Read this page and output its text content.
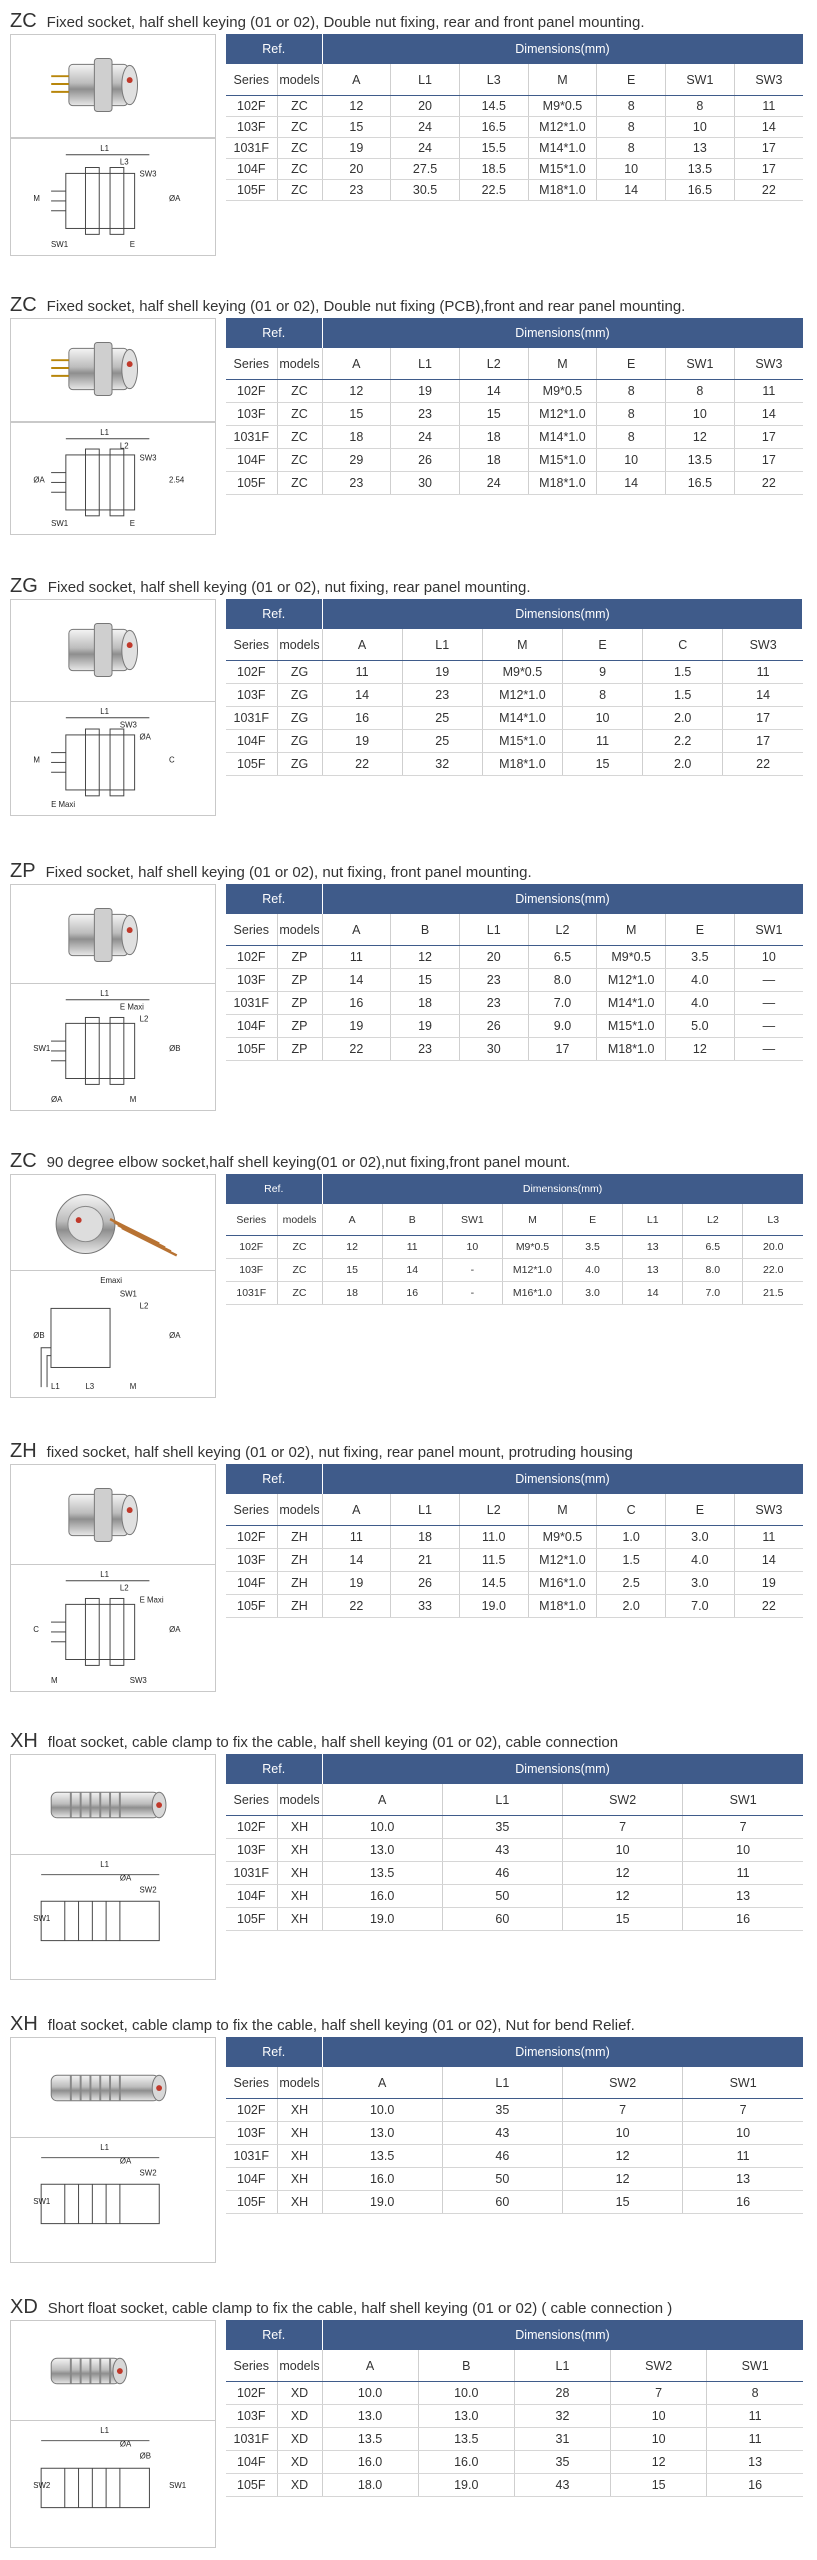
ZC Fixed socket, half shell keying (01 or 02), Double nut fixing, rear and front panel mounting.
L1
L3
SW3
M	ØA
SW1	E
Ref.		Dimensions(mm)						
Series	models	A	L1	L3	M	E	SW1	SW3
102F	ZC	12	20	14.5	M9*0.5	8	8	11
103F	ZC	15	24	16.5	M12*1.0	8	10	14
1031F	ZC	19	24	15.5	M14*1.0	8	13	17
104F	ZC	20	27.5	18.5	M15*1.0	10	13.5	17
105F	ZC	23	30.5	22.5	M18*1.0	14	16.5	22
ZC Fixed socket, half shell keying (01 or 02), Double nut fixing (PCB),front and rear panel mounting.
L1
L2
SW3
ØA	2.54
SW1	E
Ref.		Dimensions(mm)						
Series	models	A	L1	L2	M	E	SW1	SW3
102F	ZC	12	19	14	M9*0.5	8	8	11
103F	ZC	15	23	15	M12*1.0	8	10	14
1031F	ZC	18	24	18	M14*1.0	8	12	17
104F	ZC	29	26	18	M15*1.0	10	13.5	17
105F	ZC	23	30	24	M18*1.0	14	16.5	22
ZG Fixed socket, half shell keying (01 or 02), nut fixing, rear panel mounting.
L1
SW3
ØA
M	C
E Maxi
Ref.		Dimensions(mm)					
Series	models	A	L1	M	E	C	SW3
102F	ZG	11	19	M9*0.5	9	1.5	11
103F	ZG	14	23	M12*1.0	8	1.5	14
1031F	ZG	16	25	M14*1.0	10	2.0	17
104F	ZG	19	25	M15*1.0	11	2.2	17
105F	ZG	22	32	M18*1.0	15	2.0	22
ZP Fixed socket, half shell keying (01 or 02), nut fixing, front panel mounting.
L1
E Maxi
L2
SW1	ØB
ØA	M
Ref.		Dimensions(mm)						
Series	models	A	B	L1	L2	M	E	SW1
102F	ZP	11	12	20	6.5	M9*0.5	3.5	10
103F	ZP	14	15	23	8.0	M12*1.0	4.0	—
1031F	ZP	16	18	23	7.0	M14*1.0	4.0	—
104F	ZP	19	19	26	9.0	M15*1.0	5.0	—
105F	ZP	22	23	30	17	M18*1.0	12	—
ZC 90 degree elbow socket,half shell keying(01 or 02),nut fixing,front panel mount.
Emaxi
SW1
L2
ØB	ØA
L1	M
L3
Ref.		Dimensions(mm)							
Series	models	A	B	SW1	M	E	L1	L2	L3
102F	ZC	12	11	10	M9*0.5	3.5	13	6.5	20.0
103F	ZC	15	14	-	M12*1.0	4.0	13	8.0	22.0
1031F	ZC	18	16	-	M16*1.0	3.0	14	7.0	21.5
ZH fixed socket, half shell keying (01 or 02), nut fixing, rear panel mount, protruding housing
L1
L2
E Maxi
C	ØA
M	SW3
Ref.		Dimensions(mm)						
Series	models	A	L1	L2	M	C	E	SW3
102F	ZH	11	18	11.0	M9*0.5	1.0	3.0	11
103F	ZH	14	21	11.5	M12*1.0	1.5	4.0	14
104F	ZH	19	26	14.5	M16*1.0	2.5	3.0	19
105F	ZH	22	33	19.0	M18*1.0	2.0	7.0	22
XH float socket, cable clamp to fix the cable, half shell keying (01 or 02), cable connection
L1
ØA
SW2
SW1
Ref.		Dimensions(mm)			
Series	models	A	L1	SW2	SW1
102F	XH	10.0	35	7	7
103F	XH	13.0	43	10	10
1031F	XH	13.5	46	12	11
104F	XH	16.0	50	12	13
105F	XH	19.0	60	15	16
XH float socket, cable clamp to fix the cable, half shell keying (01 or 02), Nut for bend Relief.
L1
ØA
SW2
SW1
Ref.		Dimensions(mm)			
Series	models	A	L1	SW2	SW1
102F	XH	10.0	35	7	7
103F	XH	13.0	43	10	10
1031F	XH	13.5	46	12	11
104F	XH	16.0	50	12	13
105F	XH	19.0	60	15	16
XD Short float socket, cable clamp to fix the cable, half shell keying (01 or 02) ( cable connection )
L1
ØA
ØB
SW2	SW1
Ref.		Dimensions(mm)				
Series	models	A	B	L1	SW2	SW1
102F	XD	10.0	10.0	28	7	8
103F	XD	13.0	13.0	32	10	11
1031F	XD	13.5	13.5	31	10	11
104F	XD	16.0	16.0	35	12	13
105F	XD	18.0	19.0	43	15	16
